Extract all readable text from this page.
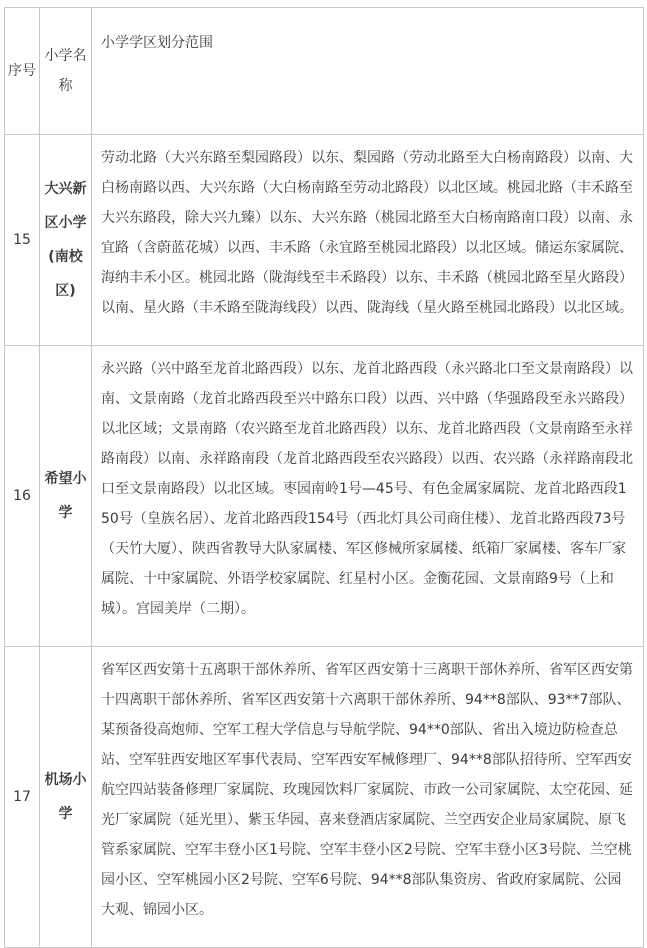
序号	小学名称	小学学区划分范围
15	大兴新区小学(南校区)	劳动北路（大兴东路至梨园路段）以东、梨园路（劳动北路至大白杨南路段）以南、大白杨南路以西、大兴东路（大白杨南路至劳动北路段）以北区域。桃园北路（丰禾路至大兴东路段，除大兴九臻）以东、大兴东路（桃园北路至大白杨南路南口段）以南、永宜路（含蔚蓝花城）以西、丰禾路（永宜路至桃园北路段）以北区域。储运东家属院、海纳丰禾小区。桃园北路（陇海线至丰禾路段）以东、丰禾路（桃园北路至星火路段）以南、星火路（丰禾路至陇海线段）以西、陇海线（星火路至桃园北路段）以北区域。
16	希望小学	永兴路（兴中路至龙首北路西段）以东、龙首北路西段（永兴路北口至文景南路段）以南、文景南路（龙首北路西段至兴中路东口段）以西、兴中路（华强路段至永兴路段）以北区域；文景南路（农兴路至龙首北路西段）以东、龙首北路西段（文景南路至永祥路南段）以南、永祥路南段（龙首北路西段至农兴路段）以西、农兴路（永祥路南段北口至文景南路段）以北区域。枣园南岭1号—45号、有色金属家属院、龙首北路西段150号（皇族名居）、龙首北路西段154号（西北灯具公司商住楼）、龙首北路西段73号（天竹大厦）、陕西省教导大队家属楼、军区修械所家属楼、纸箱厂家属楼、客车厂家属院、十中家属院、外语学校家属院、红星村小区。金衡花园、文景南路9号（上和城）。宫园美岸（二期）。
17	机场小学	省军区西安第十五离职干部休养所、省军区西安第十三离职干部休养所、省军区西安第十四离职干部休养所、省军区西安第十六离职干部休养所、94**8部队、93**7部队、某预备役高炮师、空军工程大学信息与导航学院、94**0部队、省出入境边防检查总站、空军驻西安地区军事代表局、空军西安军械修理厂、94**8部队招待所、空军西安航空四站装备修理厂家属院、玫瑰园饮料厂家属院、市政一公司家属院、太空花园、延光厂家属院（延光里）、紫玉华园、喜来登酒店家属院、兰空西安企业局家属院、原飞管系家属院、空军丰登小区1号院、空军丰登小区2号院、空军丰登小区3号院、兰空桃园小区、空军桃园小区2号院、空军6号院、94**8部队集资房、省政府家属院、公园大观、锦园小区。
